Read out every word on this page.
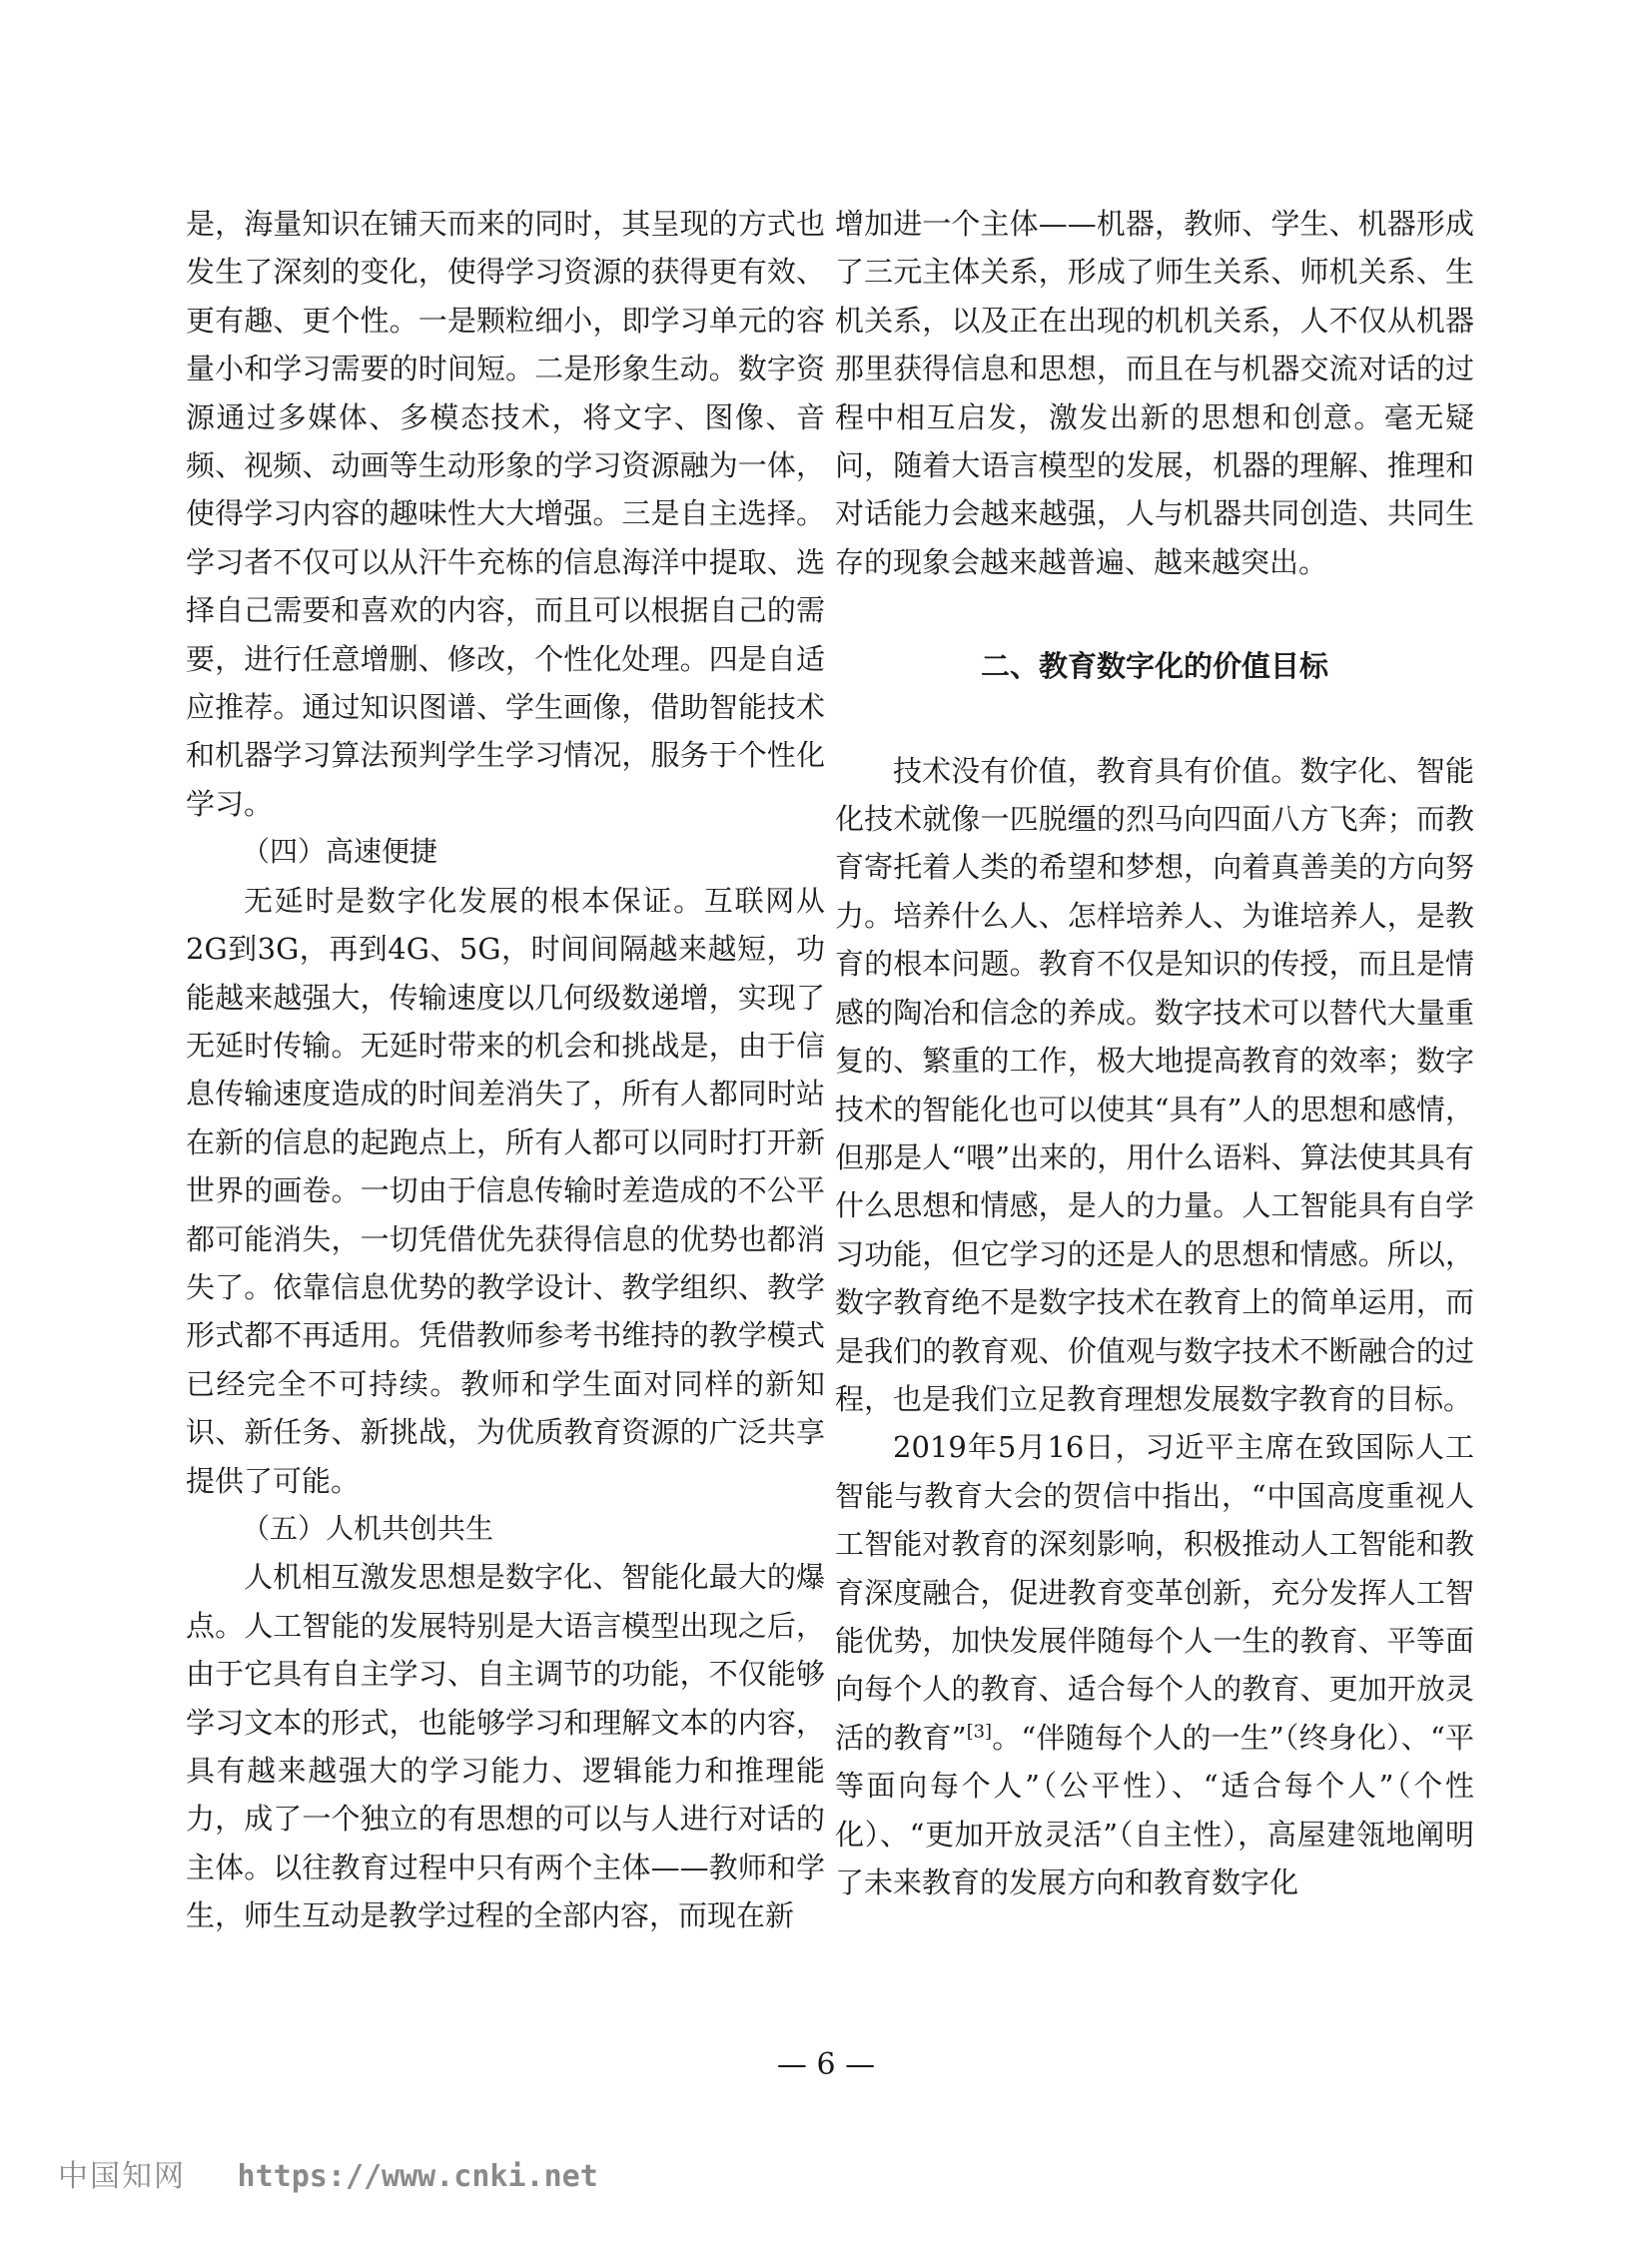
是，海量知识在铺天而来的同时，其呈现的方式也发生了深刻的变化，使得学习资源的获得更有效、更有趣、更个性。一是颗粒细小，即学习单元的容量小和学习需要的时间短。二是形象生动。数字资源通过多媒体、多模态技术，将文字、图像、音频、视频、动画等生动形象的学习资源融为一体，使得学习内容的趣味性大大增强。三是自主选择。学习者不仅可以从汗牛充栋的信息海洋中提取、选择自己需要和喜欢的内容，而且可以根据自己的需要，进行任意增删、修改，个性化处理。四是自适应推荐。通过知识图谱、学生画像，借助智能技术和机器学习算法预判学生学习情况，服务于个性化学习。

（四）高速便捷

无延时是数字化发展的根本保证。互联网从2G到3G，再到4G、5G，时间间隔越来越短，功能越来越强大，传输速度以几何级数递增，实现了无延时传输。无延时带来的机会和挑战是，由于信息传输速度造成的时间差消失了，所有人都同时站在新的信息的起跑点上，所有人都可以同时打开新世界的画卷。一切由于信息传输时差造成的不公平都可能消失，一切凭借优先获得信息的优势也都消失了。依靠信息优势的教学设计、教学组织、教学形式都不再适用。凭借教师参考书维持的教学模式已经完全不可持续。教师和学生面对同样的新知识、新任务、新挑战，为优质教育资源的广泛共享提供了可能。

（五）人机共创共生

人机相互激发思想是数字化、智能化最大的爆点。人工智能的发展特别是大语言模型出现之后，由于它具有自主学习、自主调节的功能，不仅能够学习文本的形式，也能够学习和理解文本的内容，具有越来越强大的学习能力、逻辑能力和推理能力，成了一个独立的有思想的可以与人进行对话的主体。以往教育过程中只有两个主体——教师和学生，师生互动是教学过程的全部内容，而现在新

增加进一个主体——机器，教师、学生、机器形成了三元主体关系，形成了师生关系、师机关系、生机关系，以及正在出现的机机关系，人不仅从机器那里获得信息和思想，而且在与机器交流对话的过程中相互启发，激发出新的思想和创意。毫无疑问，随着大语言模型的发展，机器的理解、推理和对话能力会越来越强，人与机器共同创造、共同生存的现象会越来越普遍、越来越突出。

二、教育数字化的价值目标

技术没有价值，教育具有价值。数字化、智能化技术就像一匹脱缰的烈马向四面八方飞奔；而教育寄托着人类的希望和梦想，向着真善美的方向努力。培养什么人、怎样培养人、为谁培养人，是教育的根本问题。教育不仅是知识的传授，而且是情感的陶冶和信念的养成。数字技术可以替代大量重复的、繁重的工作，极大地提高教育的效率；数字技术的智能化也可以使其“具有”人的思想和感情，但那是人“喂”出来的，用什么语料、算法使其具有什么思想和情感，是人的力量。人工智能具有自学习功能，但它学习的还是人的思想和情感。所以，数字教育绝不是数字技术在教育上的简单运用，而是我们的教育观、价值观与数字技术不断融合的过程，也是我们立足教育理想发展数字教育的目标。

2019年5月16日，习近平主席在致国际人工智能与教育大会的贺信中指出，“中国高度重视人工智能对教育的深刻影响，积极推动人工智能和教育深度融合，促进教育变革创新，充分发挥人工智能优势，加快发展伴随每个人一生的教育、平等面向每个人的教育、适合每个人的教育、更加开放灵活的教育”[3]。“伴随每个人的一生”（终身化）、“平等面向每个人”（公平性）、“适合每个人”（个性化）、“更加开放灵活”（自主性），高屋建瓴地阐明了未来教育的发展方向和教育数字化

— 6 —
中国知网 https://www.cnki.net
